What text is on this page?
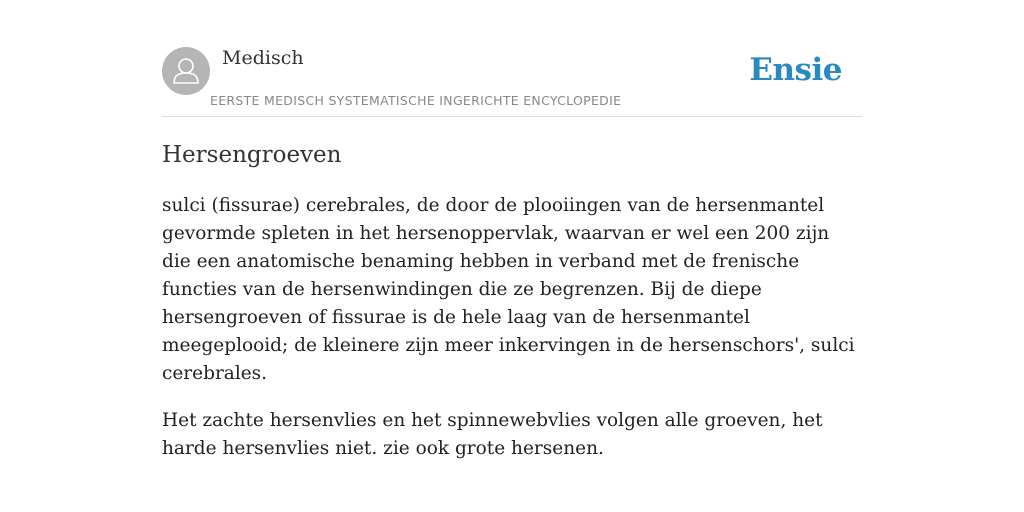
Medisch
EERSTE MEDISCH SYSTEMATISCHE INGERICHTE ENCYCLOPEDIE
Ensie
Hersengroeven

sulci (fissurae) cerebrales, de door de plooiingen van de hersenmantel gevormde spleten in het hersenoppervlak, waarvan er wel een 200 zijn die een anatomische benaming hebben in verband met de frenische functies van de hersenwindingen die ze begrenzen. Bij de diepe hersengroeven of fissurae is de hele laag van de hersenmantel meegeplooid; de kleinere zijn meer inkervingen in de hersenschors', sulci cerebrales.

Het zachte hersenvlies en het spinnewebvlies volgen alle groeven, het harde hersenvlies niet. zie ook grote hersenen.
